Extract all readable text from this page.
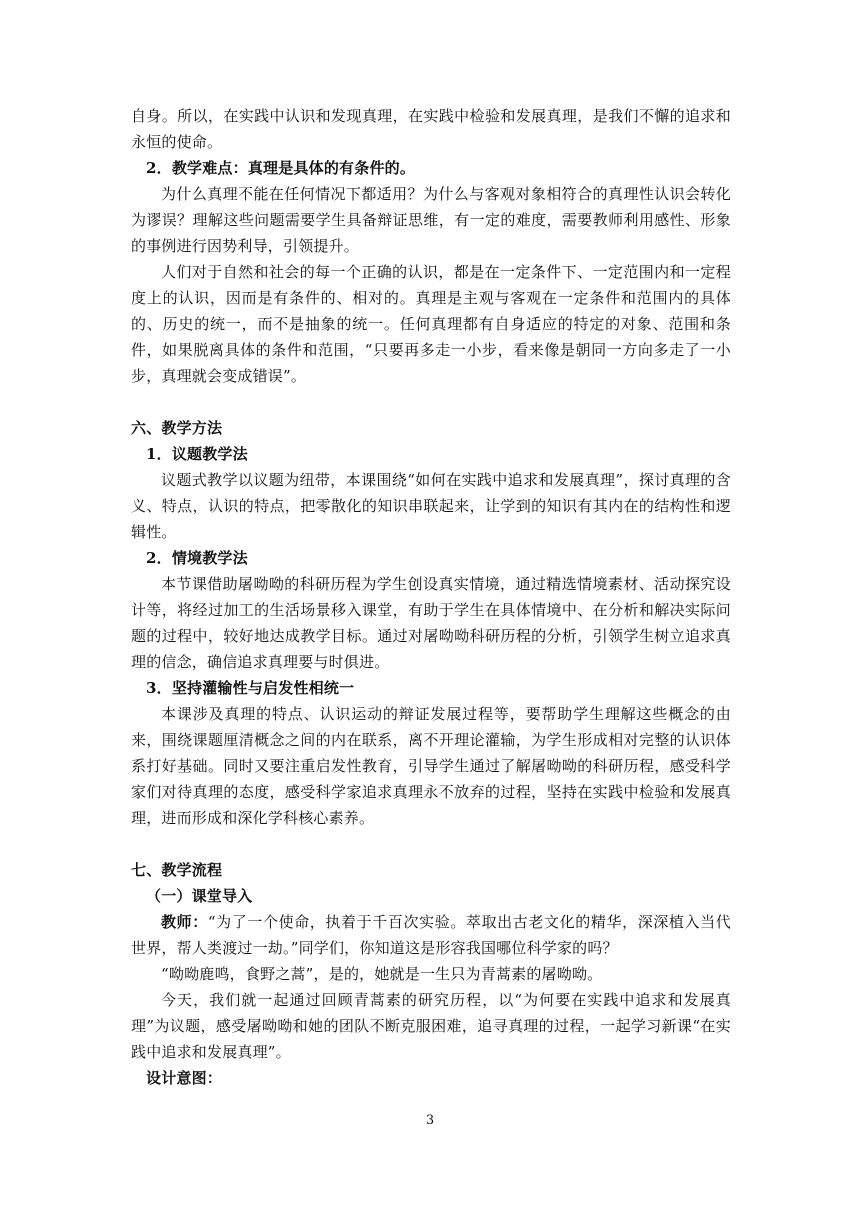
自身。所以，在实践中认识和发现真理，在实践中检验和发展真理，是我们不懈的追求和永恒的使命。

2．教学难点：真理是具体的有条件的。

为什么真理不能在任何情况下都适用？为什么与客观对象相符合的真理性认识会转化为谬误？理解这些问题需要学生具备辩证思维，有一定的难度，需要教师利用感性、形象的事例进行因势利导，引领提升。

人们对于自然和社会的每一个正确的认识，都是在一定条件下、一定范围内和一定程度上的认识，因而是有条件的、相对的。真理是主观与客观在一定条件和范围内的具体的、历史的统一，而不是抽象的统一。任何真理都有自身适应的特定的对象、范围和条件，如果脱离具体的条件和范围，“只要再多走一小步，看来像是朝同一方向多走了一小步，真理就会变成错误”。

六、教学方法

1．议题教学法

议题式教学以议题为纽带，本课围绕“如何在实践中追求和发展真理”，探讨真理的含义、特点，认识的特点，把零散化的知识串联起来，让学到的知识有其内在的结构性和逻辑性。

2．情境教学法

本节课借助屠呦呦的科研历程为学生创设真实情境，通过精选情境素材、活动探究设计等，将经过加工的生活场景移入课堂，有助于学生在具体情境中、在分析和解决实际问题的过程中，较好地达成教学目标。通过对屠呦呦科研历程的分析，引领学生树立追求真理的信念，确信追求真理要与时俱进。

3．坚持灌输性与启发性相统一

本课涉及真理的特点、认识运动的辩证发展过程等，要帮助学生理解这些概念的由来，围绕课题厘清概念之间的内在联系，离不开理论灌输，为学生形成相对完整的认识体系打好基础。同时又要注重启发性教育，引导学生通过了解屠呦呦的科研历程，感受科学家们对待真理的态度，感受科学家追求真理永不放弃的过程，坚持在实践中检验和发展真理，进而形成和深化学科核心素养。

七、教学流程

（一）课堂导入

教师：“为了一个使命，执着于千百次实验。萃取出古老文化的精华，深深植入当代世界，帮人类渡过一劫。”同学们，你知道这是形容我国哪位科学家的吗？

“呦呦鹿鸣，食野之蒿”，是的，她就是一生只为青蒿素的屠呦呦。

今天，我们就一起通过回顾青蒿素的研究历程，以“为何要在实践中追求和发展真理”为议题，感受屠呦呦和她的团队不断克服困难，追寻真理的过程，一起学习新课“在实践中追求和发展真理”。

设计意图：

3
